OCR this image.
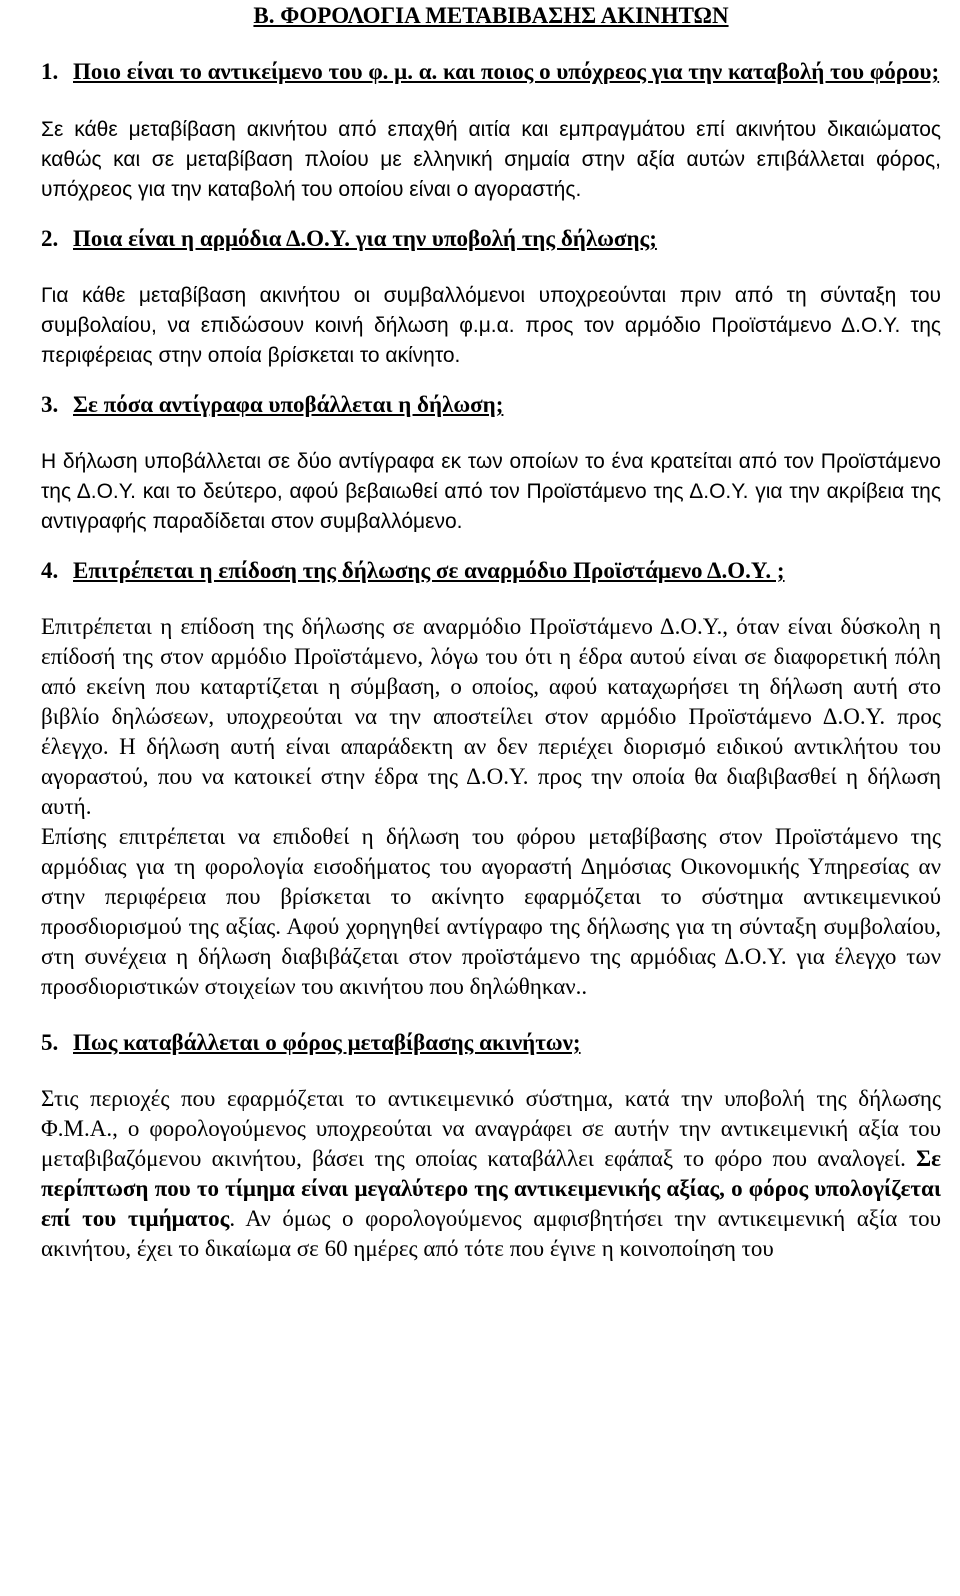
B. ΦΟΡΟΛΟΓΙΑ ΜΕΤΑΒΙΒΑΣΗΣ ΑΚΙΝΗΤΩΝ

1. Ποιο είναι το αντικείμενο του φ. μ. α. και ποιος ο υπόχρεος για την καταβολή του φόρου;

Σε κάθε μεταβίβαση ακινήτου από επαχθή αιτία και εμπραγμάτου επί ακινήτου δικαιώματος καθώς και σε μεταβίβαση πλοίου με ελληνική σημαία στην αξία αυτών επιβάλλεται φόρος, υπόχρεος για την καταβολή του οποίου είναι ο αγοραστής.

2. Ποια είναι η αρμόδια Δ.Ο.Υ. για την υποβολή της δήλωσης;

Για κάθε μεταβίβαση ακινήτου οι συμβαλλόμενοι υποχρεούνται πριν από τη σύνταξη του συμβολαίου, να επιδώσουν κοινή δήλωση φ.μ.α. προς τον αρμόδιο Προϊστάμενο Δ.Ο.Υ. της περιφέρειας στην οποία βρίσκεται το ακίνητο.

3. Σε πόσα αντίγραφα υποβάλλεται η δήλωση;

Η δήλωση υποβάλλεται σε δύο αντίγραφα εκ των οποίων το ένα κρατείται από τον Προϊστάμενο της Δ.Ο.Υ. και το δεύτερο, αφού βεβαιωθεί από τον Προϊστάμενο της Δ.Ο.Υ. για την ακρίβεια της αντιγραφής παραδίδεται στον συμβαλλόμενο.

4. Επιτρέπεται η επίδοση της δήλωσης σε αναρμόδιο Προϊστάμενο Δ.Ο.Υ. ;

Επιτρέπεται η επίδοση της δήλωσης σε αναρμόδιο Προϊστάμενο Δ.Ο.Υ., όταν είναι δύσκολη η επίδοσή της στον αρμόδιο Προϊστάμενο, λόγω του ότι η έδρα αυτού είναι σε διαφορετική πόλη από εκείνη που καταρτίζεται η σύμβαση, ο οποίος, αφού καταχωρήσει τη δήλωση αυτή στο βιβλίο δηλώσεων, υποχρεούται να την αποστείλει στον αρμόδιο Προϊστάμενο Δ.Ο.Υ. προς έλεγχο. Η δήλωση αυτή είναι απαράδεκτη αν δεν περιέχει διορισμό ειδικού αντικλήτου του αγοραστού, που να κατοικεί στην έδρα της Δ.Ο.Υ. προς την οποία θα διαβιβασθεί η δήλωση αυτή.

Επίσης επιτρέπεται να επιδοθεί η δήλωση του φόρου μεταβίβασης στον Προϊστάμενο της αρμόδιας για τη φορολογία εισοδήματος του αγοραστή Δημόσιας Οικονομικής Υπηρεσίας αν στην περιφέρεια που βρίσκεται το ακίνητο εφαρμόζεται το σύστημα αντικειμενικού προσδιορισμού της αξίας. Αφού χορηγηθεί αντίγραφο της δήλωσης για τη σύνταξη συμβολαίου, στη συνέχεια η δήλωση διαβιβάζεται στον προϊστάμενο της αρμόδιας Δ.Ο.Υ. για έλεγχο των προσδιοριστικών στοιχείων του ακινήτου που δηλώθηκαν..

5. Πως καταβάλλεται ο φόρος μεταβίβασης ακινήτων;

Στις περιοχές που εφαρμόζεται το αντικειμενικό σύστημα, κατά την υποβολή της δήλωσης Φ.Μ.Α., ο φορολογούμενος υποχρεούται να αναγράφει σε αυτήν την αντικειμενική αξία του μεταβιβαζόμενου ακινήτου, βάσει της οποίας καταβάλλει εφάπαξ το φόρο που αναλογεί. Σε περίπτωση που το τίμημα είναι μεγαλύτερο της αντικειμενικής αξίας, ο φόρος υπολογίζεται επί του τιμήματος. Αν όμως ο φορολογούμενος αμφισβητήσει την αντικειμενική αξία του ακινήτου, έχει το δικαίωμα σε 60 ημέρες από τότε που έγινε η κοινοποίηση του
